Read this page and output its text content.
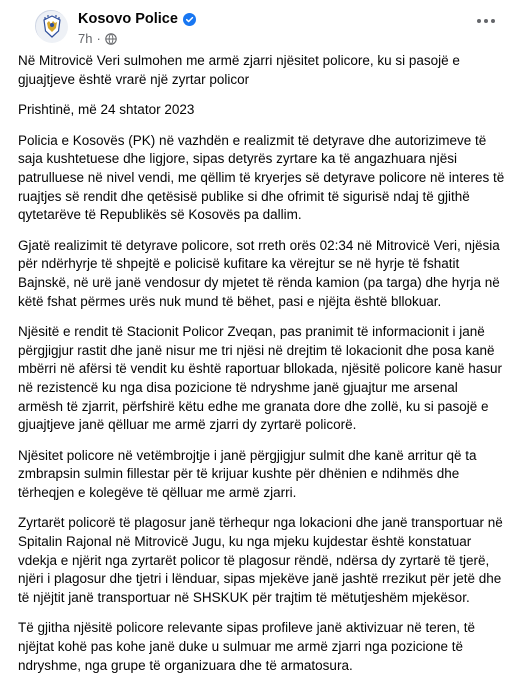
Kosovo Police
7h ·

Në Mitrovicë Veri sulmohen me armë zjarri njësitet policore, ku si pasojë e gjuajtjeve është vrarë një zyrtar policor

Prishtinë, më 24 shtator 2023

Policia e Kosovës (PK) në vazhdën e realizmit të detyrave dhe autorizimeve të saja kushtetuese dhe ligjore, sipas detyrës zyrtare ka të angazhuara njësi patrulluese në nivel vendi, me qëllim të kryerjes së detyrave policore në interes të ruajtjes së rendit dhe qetësisë publike si dhe ofrimit të sigurisë ndaj të gjithë qytetarëve të Republikës së Kosovës pa dallim.

Gjatë realizimit të detyrave policore, sot rreth orës 02:34 në Mitrovicë Veri, njësia për ndërhyrje të shpejtë e policisë kufitare ka vërejtur se në hyrje të fshatit Bajnskë, në urë janë vendosur dy mjetet të rënda kamion (pa targa) dhe hyrja në këtë fshat përmes urës nuk mund të bëhet, pasi e njëjta është bllokuar.

Njësitë e rendit të Stacionit Policor Zveqan, pas pranimit të informacionit i janë përgjigjur rastit dhe janë nisur me tri njësi në drejtim të lokacionit dhe posa kanë mbërri në afërsi të vendit ku është raportuar bllokada, njësitë policore kanë hasur në rezistencë ku nga disa pozicione të ndryshme janë gjuajtur me arsenal armësh të zjarrit, përfshirë këtu edhe me granata dore dhe zollë, ku si pasojë e gjuajtjeve janë qëlluar me armë zjarri dy zyrtarë policorë.

Njësitet policore në vetëmbrojtje i janë përgjigjur sulmit dhe kanë arritur që ta zmbrapsin sulmin fillestar për të krijuar kushte për dhënien e ndihmës dhe tërheqjen e kolegëve të qëlluar me armë zjarri.

Zyrtarët policorë të plagosur janë tërhequr nga lokacioni dhe janë transportuar në Spitalin Rajonal në Mitrovicë Jugu, ku nga mjeku kujdestar është konstatuar vdekja e njërit nga zyrtarët policor të plagosur rëndë, ndërsa dy zyrtarë të tjerë, njëri i plagosur dhe tjetri i lënduar, sipas mjekëve janë jashtë rrezikut për jetë dhe të njëjtit janë transportuar në SHSKUK për trajtim të mëtutjeshëm mjekësor.

Të gjitha njësitë policore relevante sipas profileve janë aktivizuar në teren, të njëjtat kohë pas kohe janë duke u sulmuar me armë zjarri nga pozicione të ndryshme, nga grupe të organizuara dhe të armatosura.
